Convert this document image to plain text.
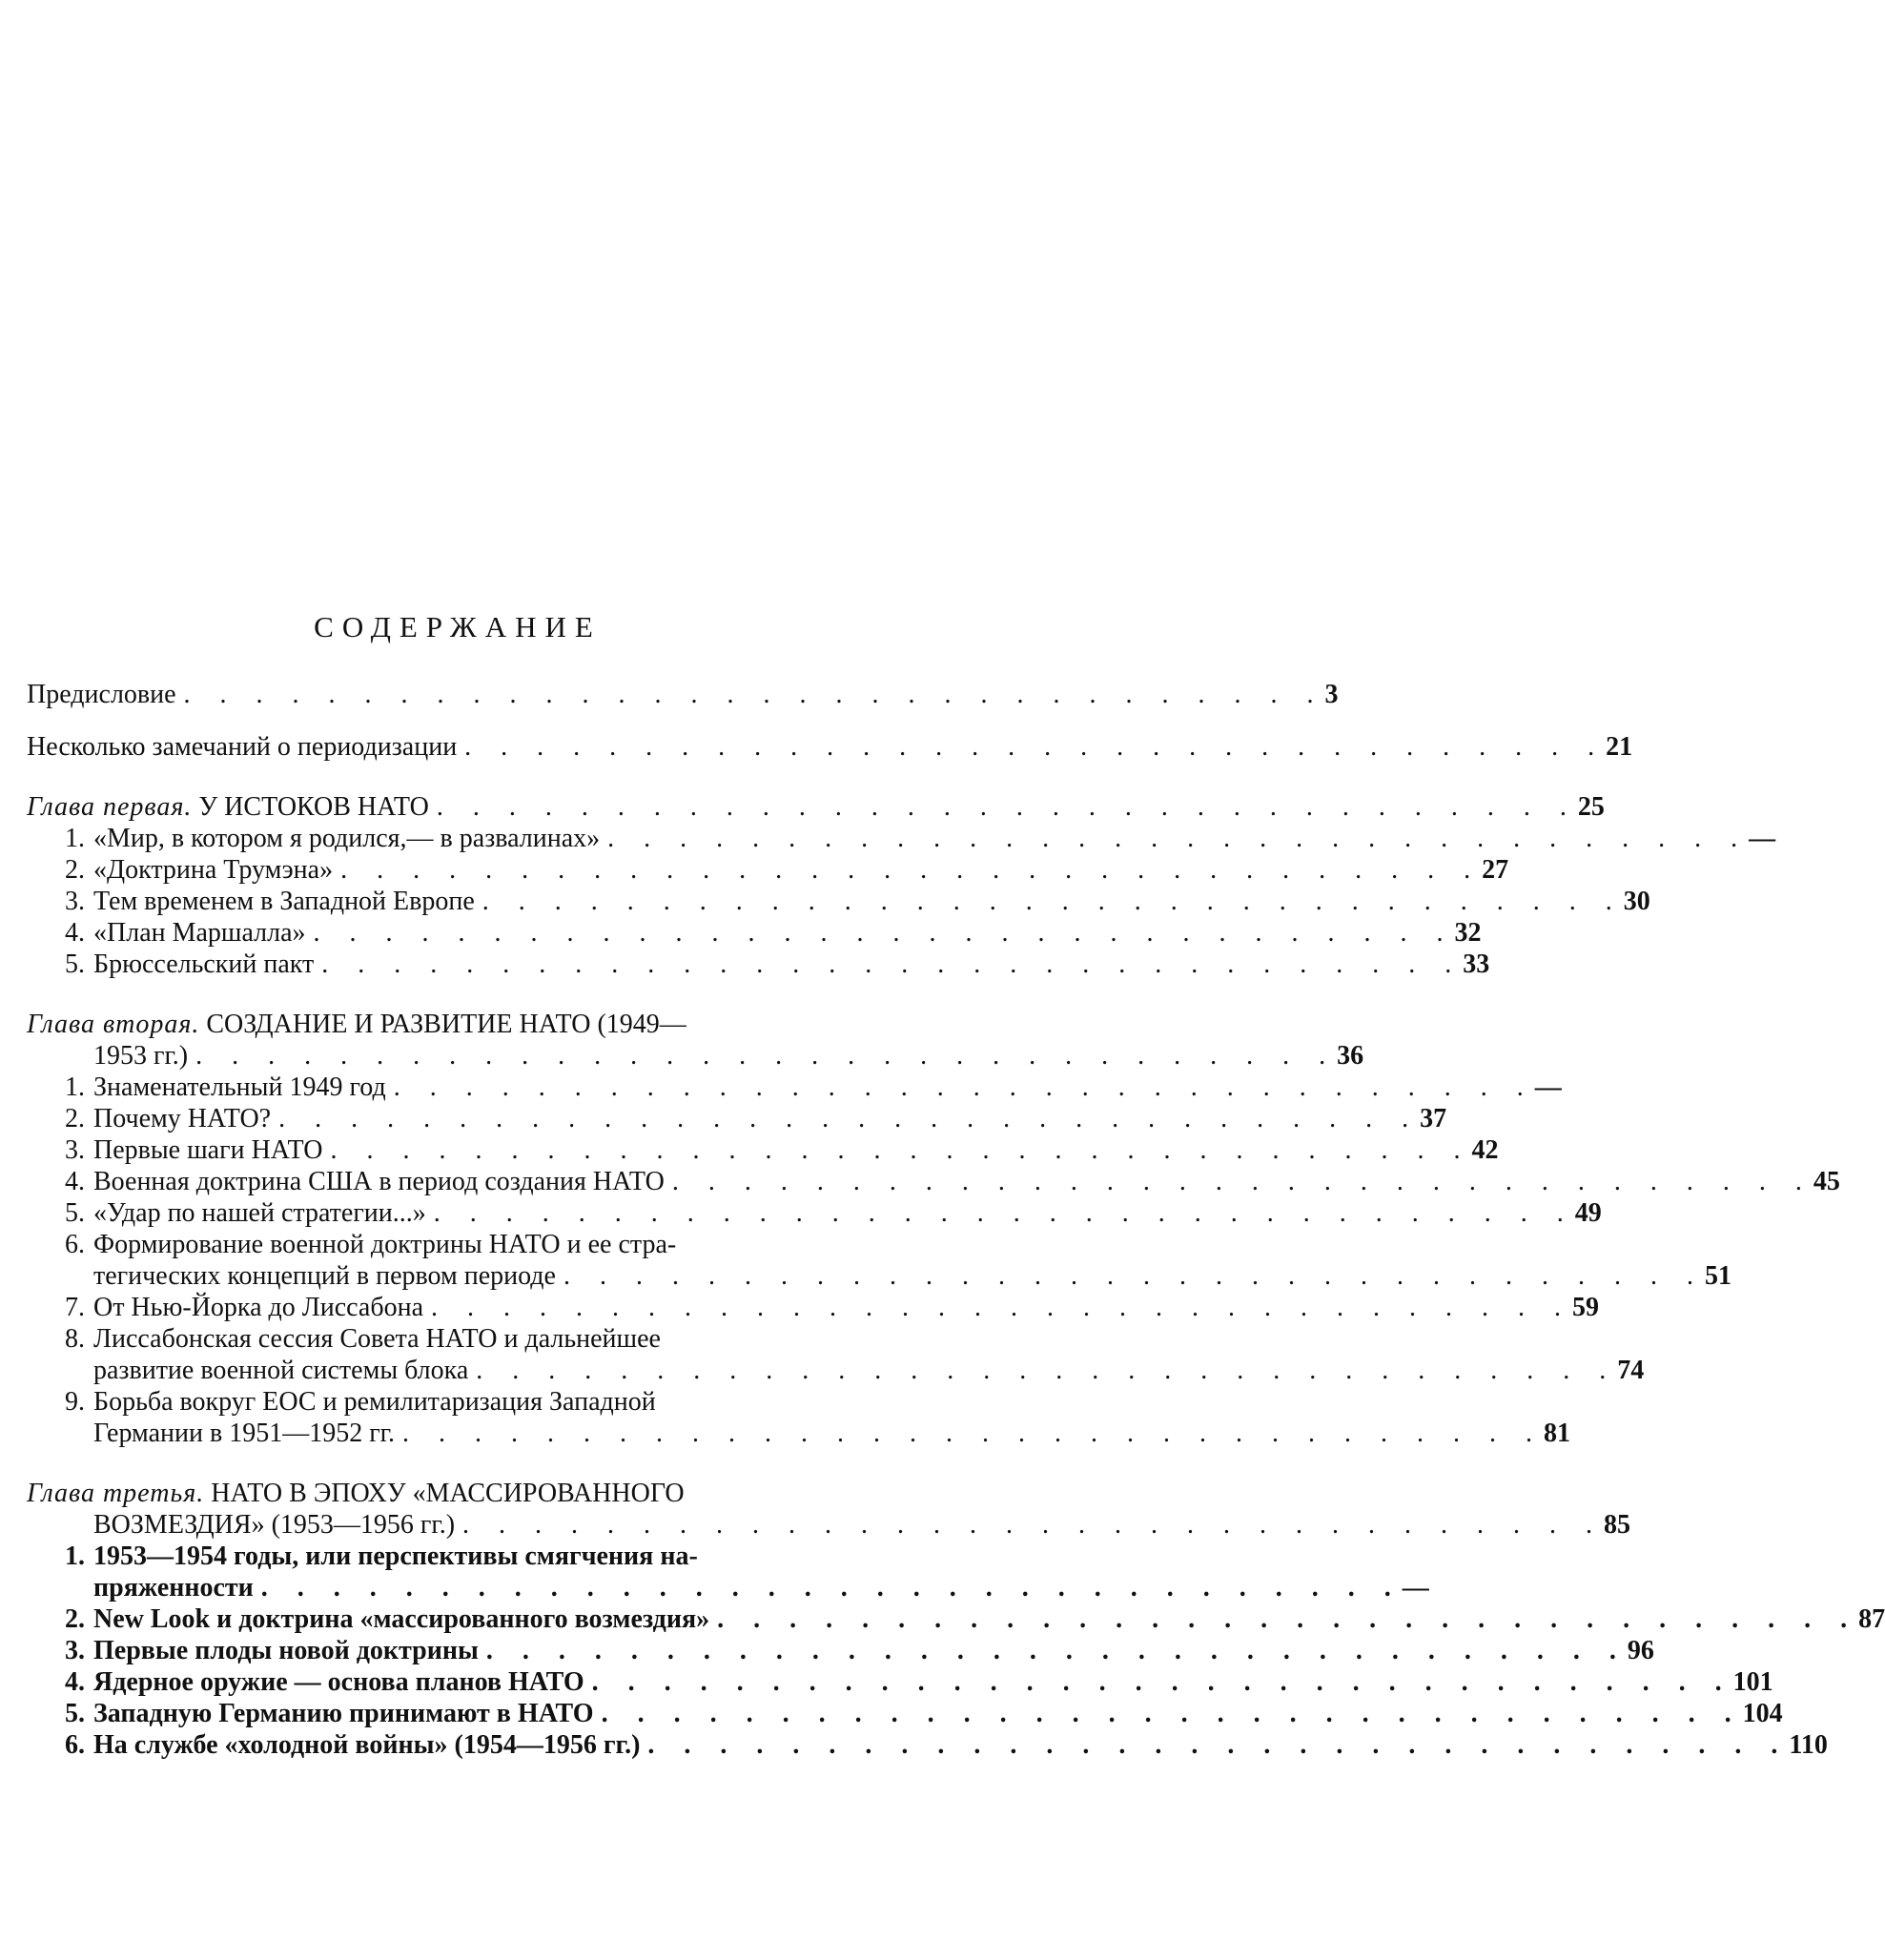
СОДЕРЖАНИЕ
Предисловие . . . . . . . . . . . . . . . . . . . . . . . . . . . . . . . . 3
Несколько замечаний о периодизации . . . . . . . . . . . . . . . . . . . . . . . . . . . . . . . . 21
Глава первая. У ИСТОКОВ НАТО . . . . . . . . . . . . . . . . . . . . . . . . . . . . . . . . 25
1. «Мир, в котором я родился,— в развалинах» . . . . . . . . . . . . . . . . . . . . . . . . . . . . . . . . —
2. «Доктрина Трумэна» . . . . . . . . . . . . . . . . . . . . . . . . . . . . . . . . 27
3. Тем временем в Западной Европе . . . . . . . . . . . . . . . . . . . . . . . . . . . . . . . . 30
4. «План Маршалла» . . . . . . . . . . . . . . . . . . . . . . . . . . . . . . . . 32
5. Брюссельский пакт . . . . . . . . . . . . . . . . . . . . . . . . . . . . . . . . 33
Глава вторая. СОЗДАНИЕ И РАЗВИТИЕ НАТО (1949—
1953 гг.) . . . . . . . . . . . . . . . . . . . . . . . . . . . . . . . . 36
1. Знаменательный 1949 год . . . . . . . . . . . . . . . . . . . . . . . . . . . . . . . . —
2. Почему НАТО? . . . . . . . . . . . . . . . . . . . . . . . . . . . . . . . . 37
3. Первые шаги НАТО . . . . . . . . . . . . . . . . . . . . . . . . . . . . . . . . 42
4. Военная доктрина США в период создания НАТО . . . . . . . . . . . . . . . . . . . . . . . . . . . . . . . . 45
5. «Удар по нашей стратегии...» . . . . . . . . . . . . . . . . . . . . . . . . . . . . . . . . 49
6. Формирование военной доктрины НАТО и ее стра-
тегических концепций в первом периоде . . . . . . . . . . . . . . . . . . . . . . . . . . . . . . . . 51
7. От Нью-Йорка до Лиссабона . . . . . . . . . . . . . . . . . . . . . . . . . . . . . . . . 59
8. Лиссабонская сессия Совета НАТО и дальнейшее
развитие военной системы блока . . . . . . . . . . . . . . . . . . . . . . . . . . . . . . . . 74
9. Борьба вокруг ЕОС и ремилитаризация Западной
Германии в 1951—1952 гг. . . . . . . . . . . . . . . . . . . . . . . . . . . . . . . . . 81
Глава третья. НАТО В ЭПОХУ «МАССИРОВАННОГО
ВОЗМЕЗДИЯ» (1953—1956 гг.) . . . . . . . . . . . . . . . . . . . . . . . . . . . . . . . . 85
1. 1953—1954 годы, или перспективы смягчения на-
пряженности . . . . . . . . . . . . . . . . . . . . . . . . . . . . . . . . —
2. New Look и доктрина «массированного возмездия» . . . . . . . . . . . . . . . . . . . . . . . . . . . . . . . . 87
3. Первые плоды новой доктрины . . . . . . . . . . . . . . . . . . . . . . . . . . . . . . . . 96
4. Ядерное оружие — основа планов НАТО . . . . . . . . . . . . . . . . . . . . . . . . . . . . . . . . 101
5. Западную Германию принимают в НАТО . . . . . . . . . . . . . . . . . . . . . . . . . . . . . . . . 104
6. На службе «холодной войны» (1954—1956 гг.) . . . . . . . . . . . . . . . . . . . . . . . . . . . . . . . . 110
